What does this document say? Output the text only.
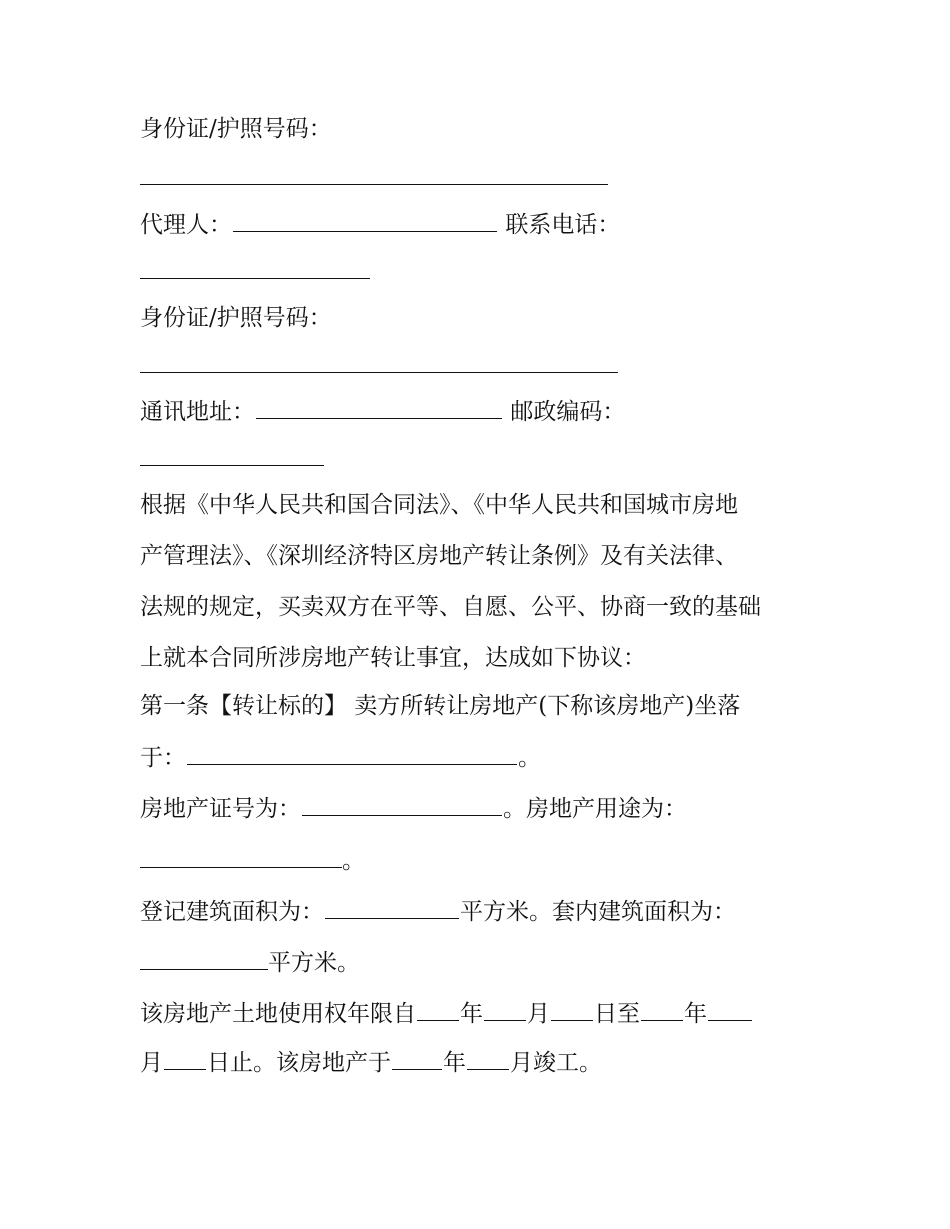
身份证/护照号码：
代理人：	联系电话：
身份证/护照号码：
通讯地址：	邮政编码：
根据《中华人民共和国合同法》、《中华人民共和国城市房地
产管理法》、《深圳经济特区房地产转让条例》及有关法律、
法规的规定，买卖双方在平等、自愿、公平、协商一致的基础
上就本合同所涉房地产转让事宜，达成如下协议：
第一条【转让标的】 卖方所转让房地产(下称该房地产)坐落
于：	。
房地产证号为：	。房地产用途为：
。
登记建筑面积为：	平方米。套内建筑面积为：
平方米。
该房地产土地使用权年限自 年 月 日至 年
月 日止。该房地产于 年 月竣工。
